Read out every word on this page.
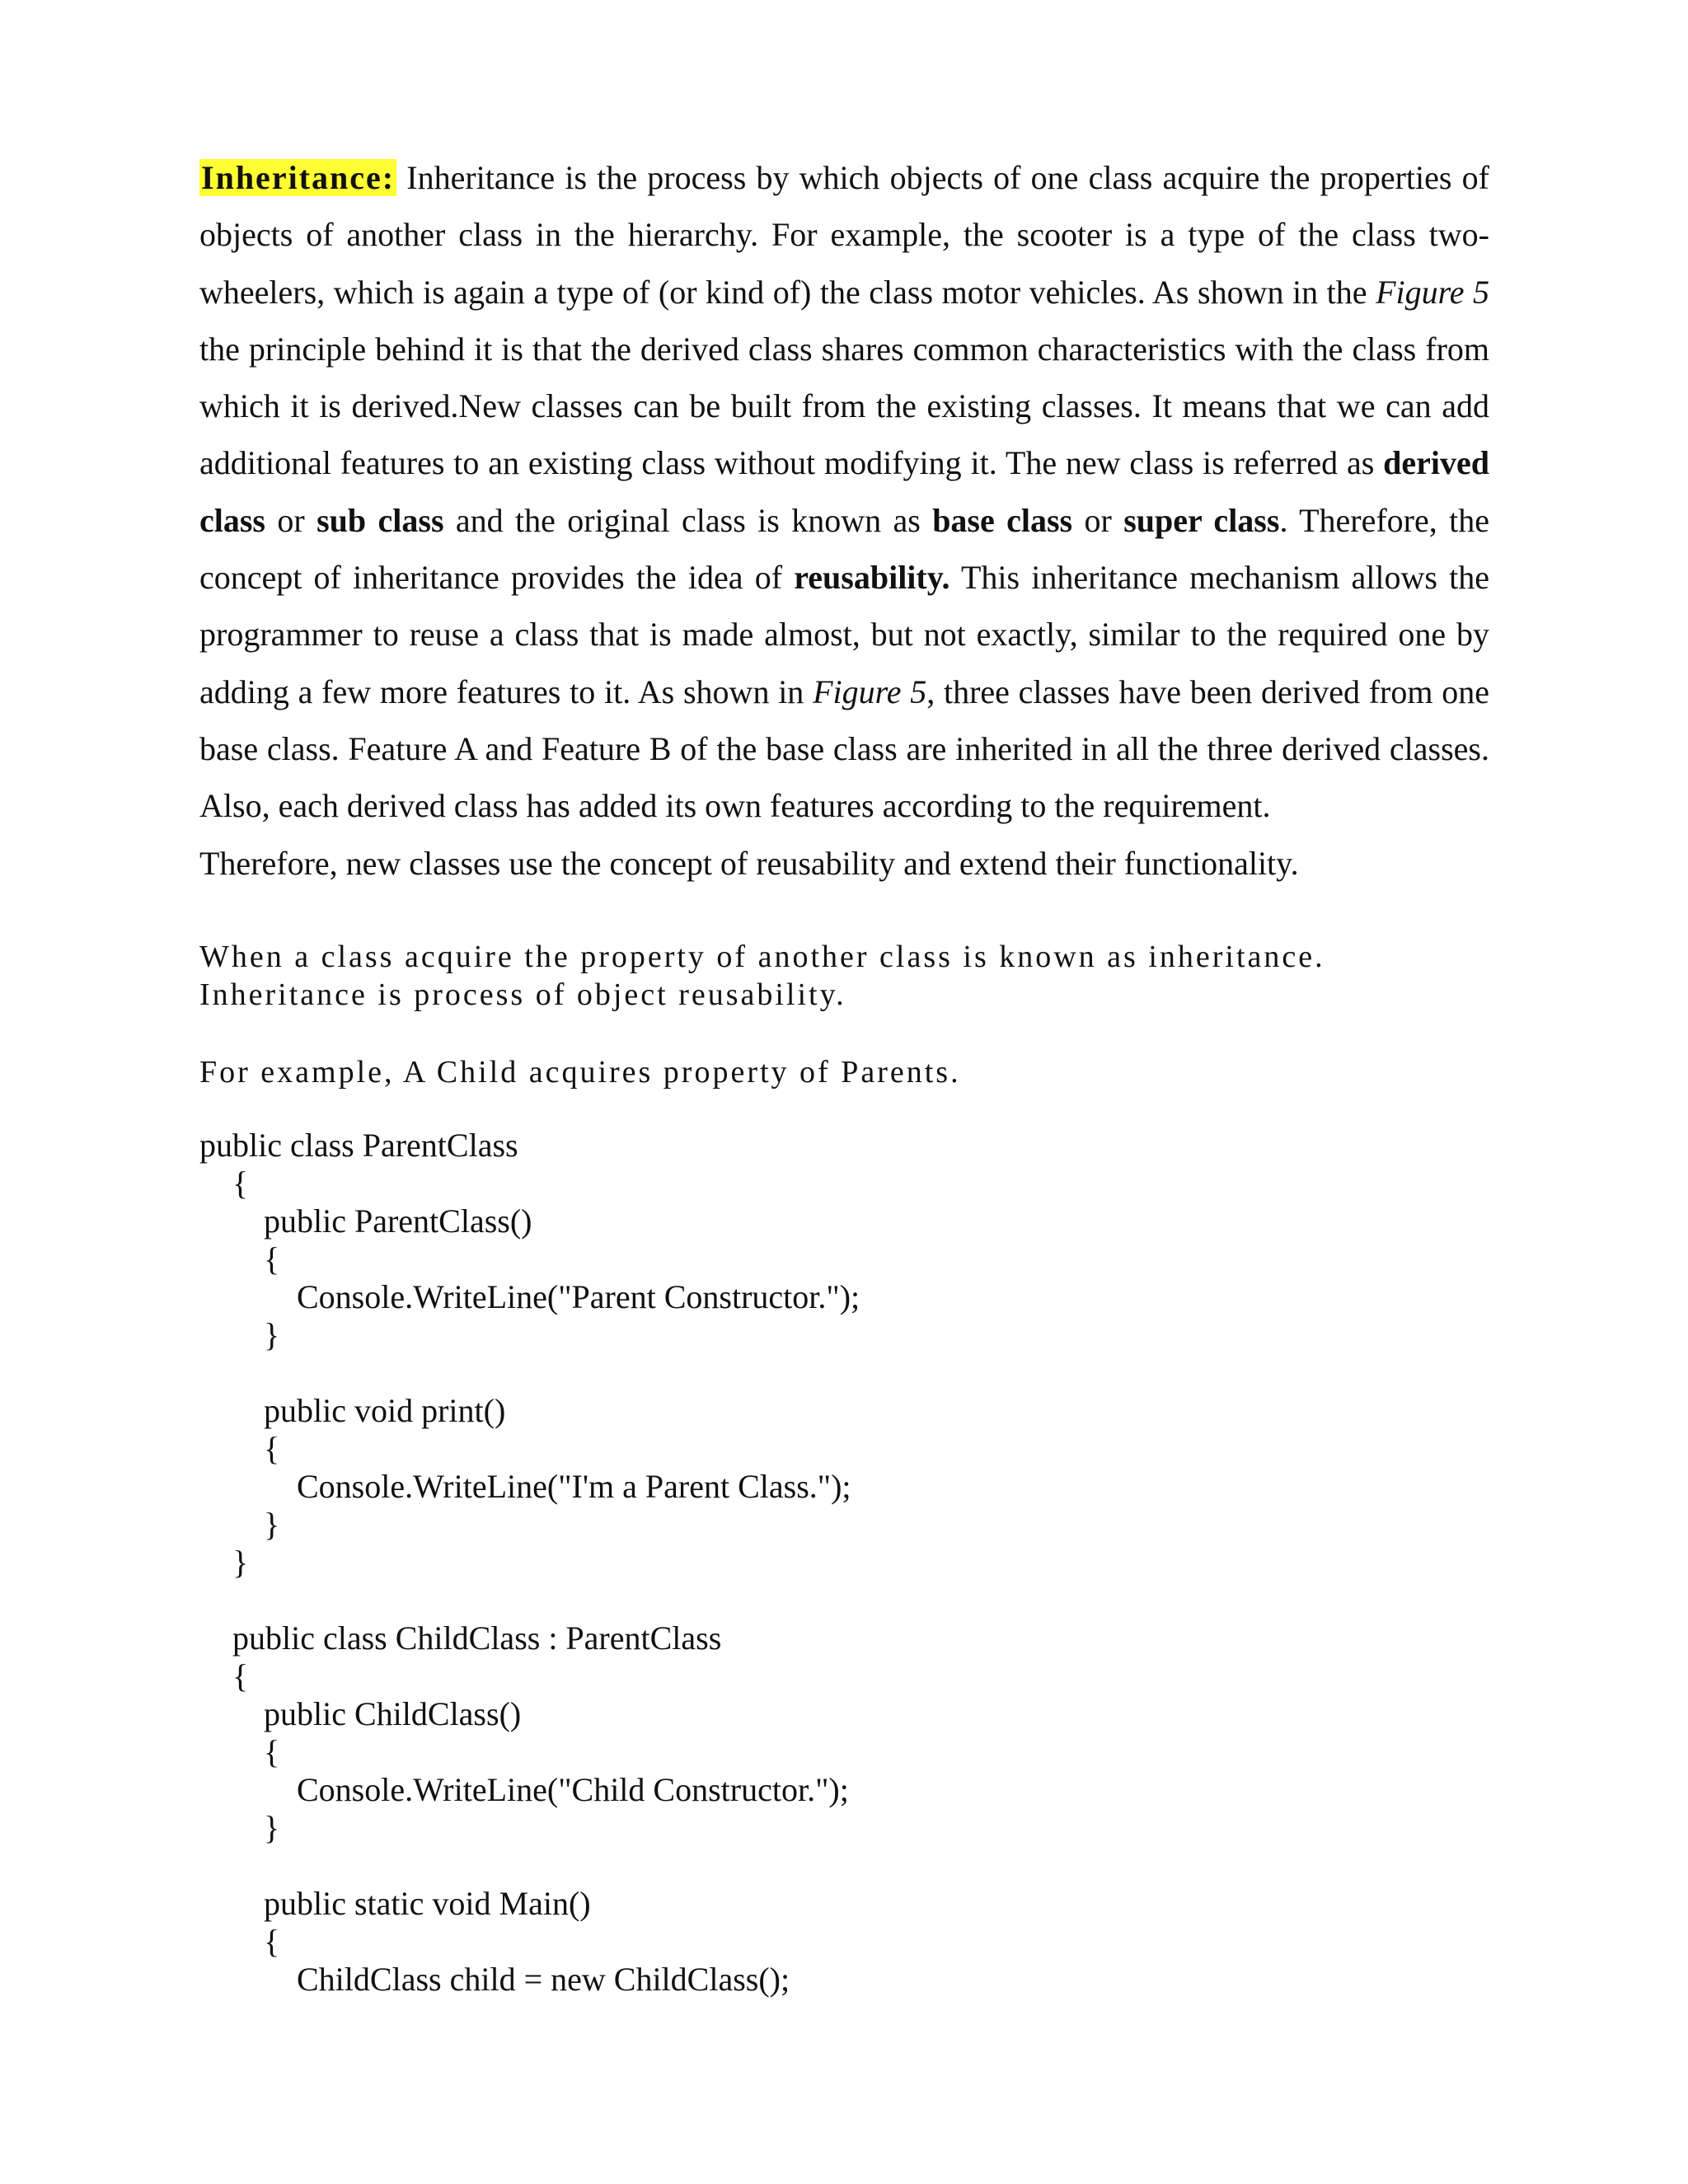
Inheritance: Inheritance is the process by which objects of one class acquire the properties of objects of another class in the hierarchy. For example, the scooter is a type of the class two-wheelers, which is again a type of (or kind of) the class motor vehicles. As shown in the Figure 5 the principle behind it is that the derived class shares common characteristics with the class from which it is derived.New classes can be built from the existing classes. It means that we can add additional features to an existing class without modifying it. The new class is referred as derived class or sub class and the original class is known as base class or super class. Therefore, the concept of inheritance provides the idea of reusability. This inheritance mechanism allows the programmer to reuse a class that is made almost, but not exactly, similar to the required one by adding a few more features to it. As shown in Figure 5, three classes have been derived from one base class. Feature A and Feature B of the base class are inherited in all the three derived classes. Also, each derived class has added its own features according to the requirement.

Therefore, new classes use the concept of reusability and extend their functionality.

When a class acquire the property of another class is known as inheritance.

Inheritance is process of object reusability.

For example, A Child acquires property of Parents.

public class ParentClass

{

public ParentClass()

{

Console.WriteLine("Parent Constructor.");

}

public void print()

{

Console.WriteLine("I'm a Parent Class.");

}

}

public class ChildClass : ParentClass

{

public ChildClass()

{

Console.WriteLine("Child Constructor.");

}

public static void Main()

{

ChildClass child = new ChildClass();
